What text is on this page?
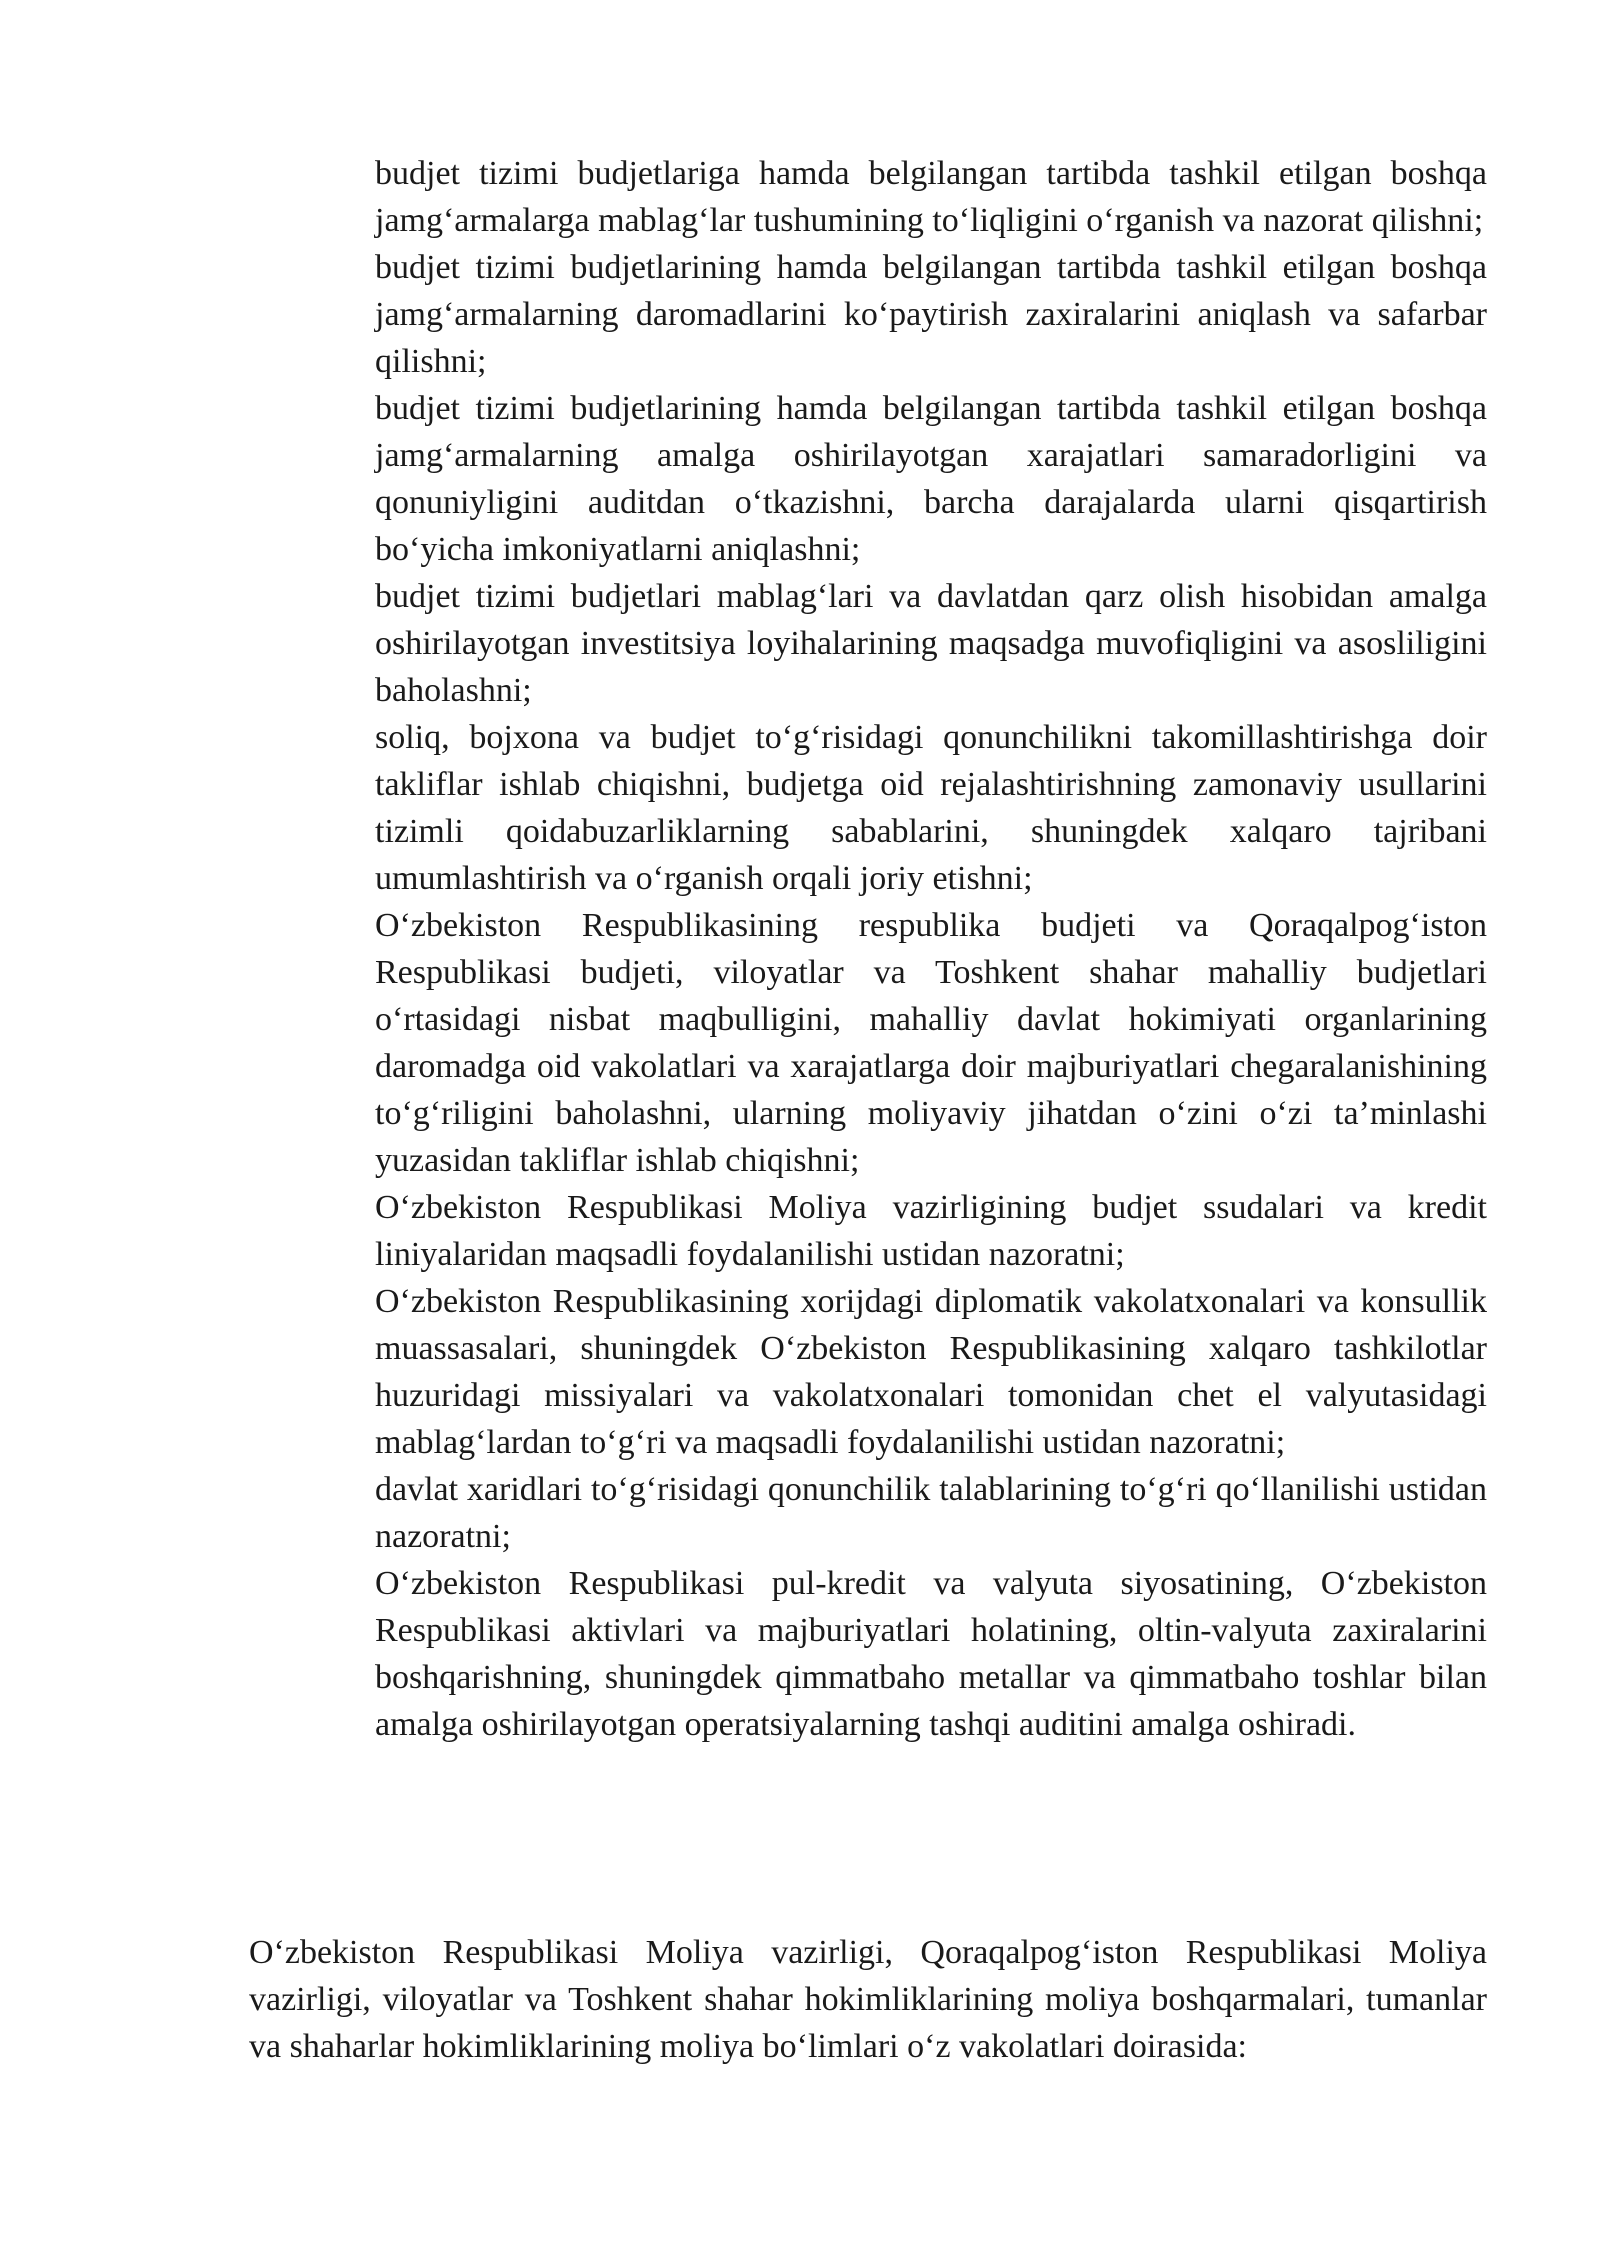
budjet tizimi budjetlariga hamda belgilangan tartibda tashkil etilgan boshqa jamg‘armalarga mablag‘lar tushumining to‘liqligini o‘rganish va nazorat qilishni;
budjet tizimi budjetlarining hamda belgilangan tartibda tashkil etilgan boshqa jamg‘armalarning daromadlarini ko‘paytirish zaxiralarini aniqlash va safarbar qilishni;
budjet tizimi budjetlarining hamda belgilangan tartibda tashkil etilgan boshqa jamg‘armalarning amalga oshirilayotgan xarajatlari samaradorligini va qonuniyligini auditdan o‘tkazishni, barcha darajalarda ularni qisqartirish bo‘yicha imkoniyatlarni aniqlashni;
budjet tizimi budjetlari mablag‘lari va davlatdan qarz olish hisobidan amalga oshirilayotgan investitsiya loyihalarining maqsadga muvofiqligini va asosliligini baholashni;
soliq, bojxona va budjet to‘g‘risidagi qonunchilikni takomillashtirishga doir takliflar ishlab chiqishni, budjetga oid rejalashtirishning zamonaviy usullarini tizimli qoidabuzarliklarning sabablarini, shuningdek xalqaro tajribani umumlashtirish va o‘rganish orqali joriy etishni;
O‘zbekiston Respublikasining respublika budjeti va Qoraqalpog‘iston Respublikasi budjeti, viloyatlar va Toshkent shahar mahalliy budjetlari o‘rtasidagi nisbat maqbulligini, mahalliy davlat hokimiyati organlarining daromadga oid vakolatlari va xarajatlarga doir majburiyatlari chegaralanishining to‘g‘riligini baholashni, ularning moliyaviy jihatdan o‘zini o‘zi ta’minlashi yuzasidan takliflar ishlab chiqishni;
O‘zbekiston Respublikasi Moliya vazirligining budjet ssudalari va kredit liniyalaridan maqsadli foydalanilishi ustidan nazoratni;
O‘zbekiston Respublikasining xorijdagi diplomatik vakolatxonalari va konsullik muassasalari, shuningdek O‘zbekiston Respublikasining xalqaro tashkilotlar huzuridagi missiyalari va vakolatxonalari tomonidan chet el valyutasidagi mablag‘lardan to‘g‘ri va maqsadli foydalanilishi ustidan nazoratni;
davlat xaridlari to‘g‘risidagi qonunchilik talablarining to‘g‘ri qo‘llanilishi ustidan nazoratni;
O‘zbekiston Respublikasi pul-kredit va valyuta siyosatining, O‘zbekiston Respublikasi aktivlari va majburiyatlari holatining, oltin-valyuta zaxiralarini boshqarishning, shuningdek qimmatbaho metallar va qimmatbaho toshlar bilan amalga oshirilayotgan operatsiyalarning tashqi auditini amalga oshiradi.

O‘zbekiston Respublikasi Moliya vazirligi, Qoraqalpog‘iston Respublikasi Moliya vazirligi, viloyatlar va Toshkent shahar hokimliklarining moliya boshqarmalari, tumanlar va shaharlar hokimliklarining moliya bo‘limlari o‘z vakolatlari doirasida:
